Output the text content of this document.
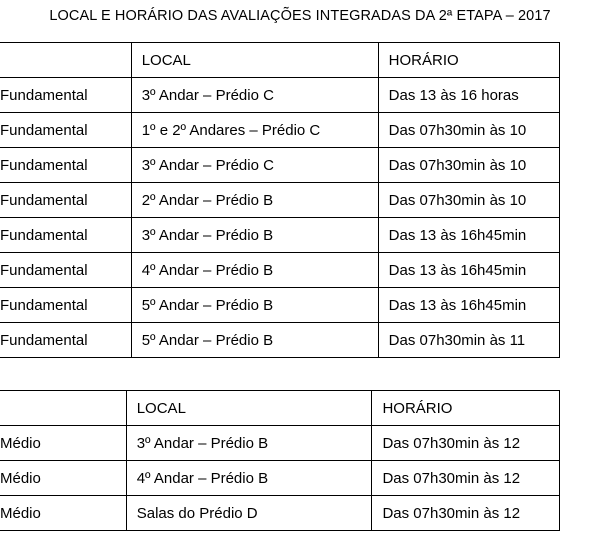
LOCAL E HORÁRIO DAS AVALIAÇÕES INTEGRADAS DA 2ª ETAPA – 2017
	LOCAL	HORÁRIO
Fundamental	3º Andar – Prédio C	Das 13 às 16 horas
Fundamental	1º e 2º Andares – Prédio C	Das 07h30min às 10
Fundamental	3º Andar – Prédio C	Das 07h30min às 10
Fundamental	2º Andar – Prédio B	Das 07h30min às 10
Fundamental	3º Andar – Prédio B	Das 13 às 16h45min
Fundamental	4º Andar – Prédio B	Das 13 às 16h45min
Fundamental	5º Andar – Prédio B	Das 13 às 16h45min
Fundamental	5º Andar – Prédio B	Das 07h30min às 11
	LOCAL	HORÁRIO
Médio	3º Andar – Prédio B	Das 07h30min às 12
Médio	4º Andar – Prédio B	Das 07h30min às 12
Médio	Salas do Prédio D	Das 07h30min às 12
